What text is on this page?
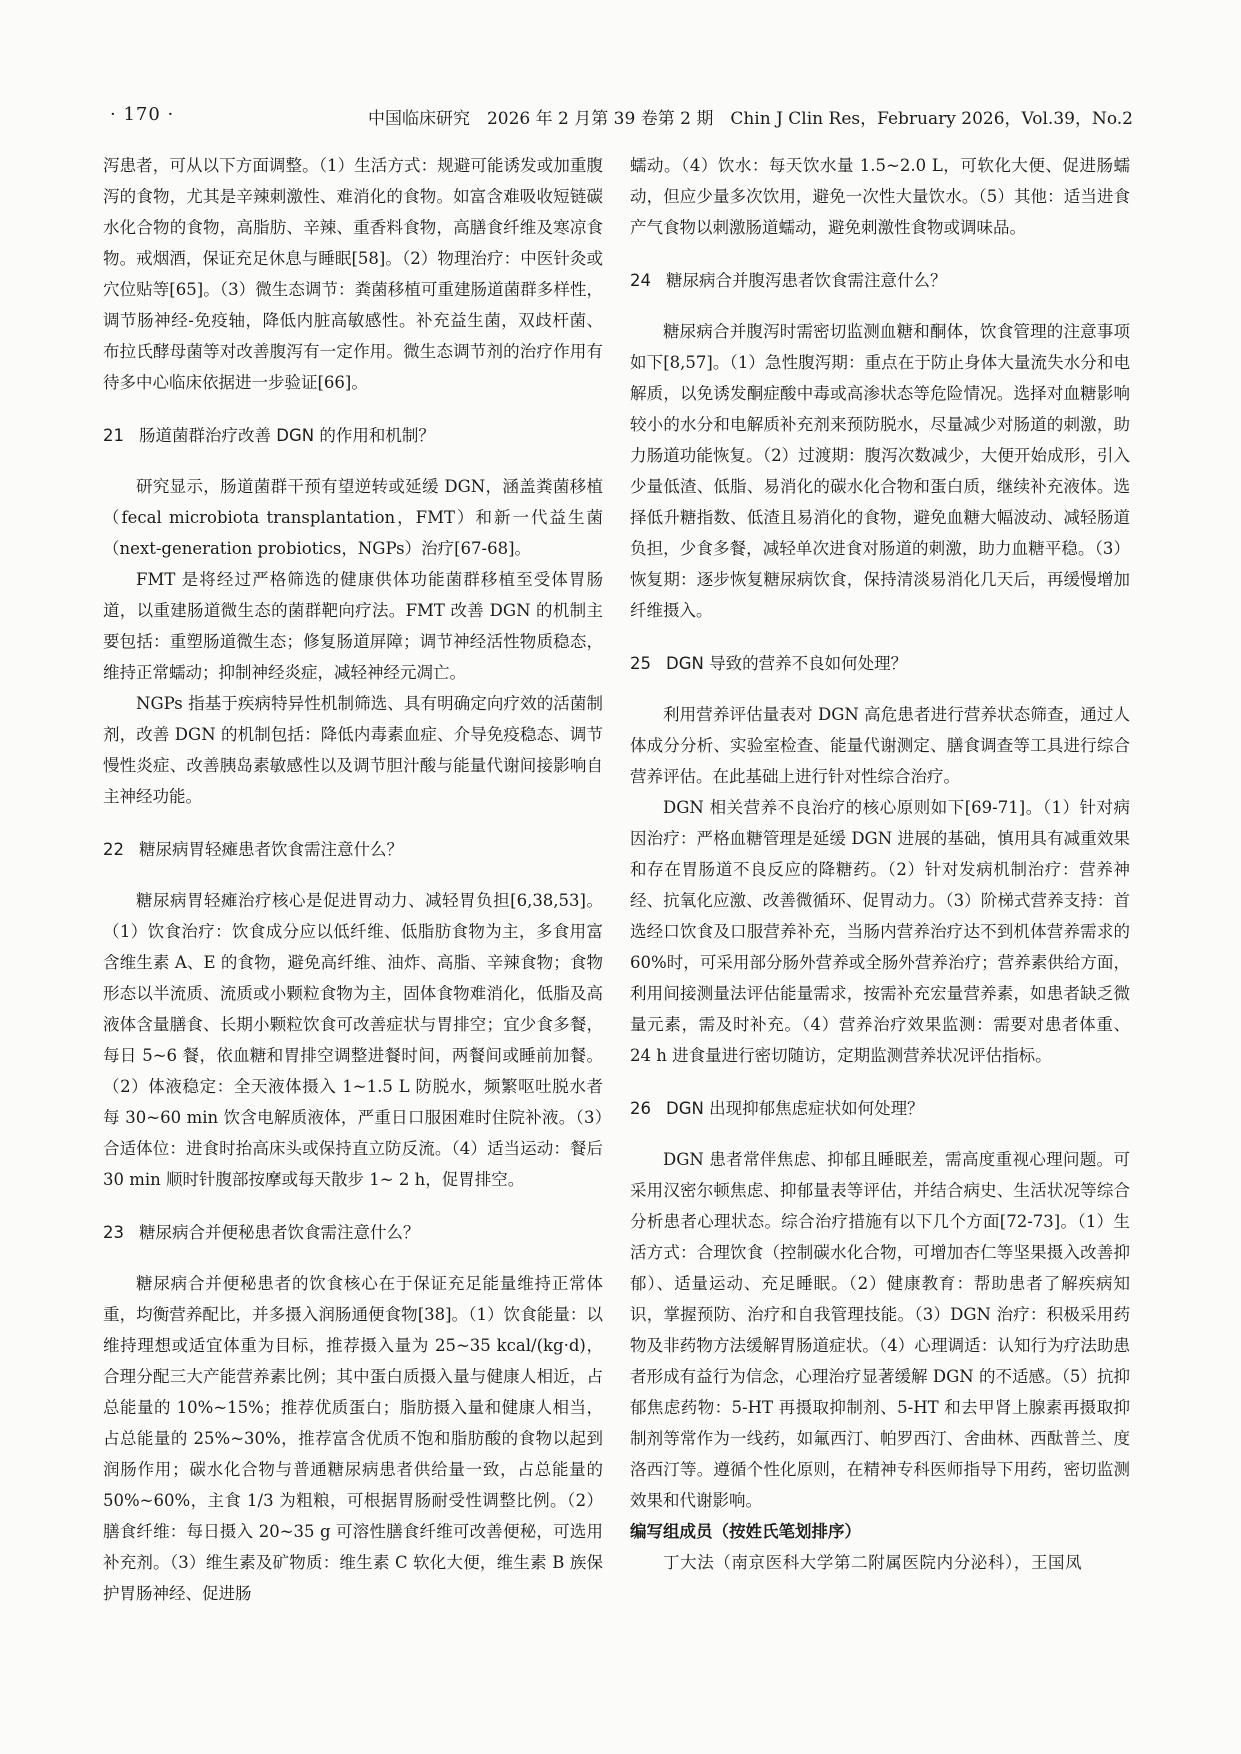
· 170 ·	中国临床研究　2026 年 2 月第 39 卷第 2 期　Chin J Clin Res，February 2026，Vol.39，No.2

泻患者，可从以下方面调整。（1）生活方式：规避可能诱发或加重腹泻的食物，尤其是辛辣刺激性、难消化的食物。如富含难吸收短链碳水化合物的食物，高脂肪、辛辣、重香料食物，高膳食纤维及寒凉食物。戒烟酒，保证充足休息与睡眠[58]。（2）物理治疗：中医针灸或穴位贴等[65]。（3）微生态调节：粪菌移植可重建肠道菌群多样性，调节肠神经-免疫轴，降低内脏高敏感性。补充益生菌，双歧杆菌、布拉氏酵母菌等对改善腹泻有一定作用。微生态调节剂的治疗作用有待多中心临床依据进一步验证[66]。

21 肠道菌群治疗改善 DGN 的作用和机制？

研究显示，肠道菌群干预有望逆转或延缓 DGN，涵盖粪菌移植（fecal microbiota transplantation，FMT）和新一代益生菌（next-generation probiotics，NGPs）治疗[67-68]。

FMT 是将经过严格筛选的健康供体功能菌群移植至受体胃肠道，以重建肠道微生态的菌群靶向疗法。FMT 改善 DGN 的机制主要包括：重塑肠道微生态；修复肠道屏障；调节神经活性物质稳态，维持正常蠕动；抑制神经炎症，减轻神经元凋亡。

NGPs 指基于疾病特异性机制筛选、具有明确定向疗效的活菌制剂，改善 DGN 的机制包括：降低内毒素血症、介导免疫稳态、调节慢性炎症、改善胰岛素敏感性以及调节胆汁酸与能量代谢间接影响自主神经功能。

22 糖尿病胃轻瘫患者饮食需注意什么？

糖尿病胃轻瘫治疗核心是促进胃动力、减轻胃负担[6,38,53]。（1）饮食治疗：饮食成分应以低纤维、低脂肪食物为主，多食用富含维生素 A、E 的食物，避免高纤维、油炸、高脂、辛辣食物；食物形态以半流质、流质或小颗粒食物为主，固体食物难消化，低脂及高液体含量膳食、长期小颗粒饮食可改善症状与胃排空；宜少食多餐，每日 5~6 餐，依血糖和胃排空调整进餐时间，两餐间或睡前加餐。（2）体液稳定：全天液体摄入 1~1.5 L 防脱水，频繁呕吐脱水者每 30~60 min 饮含电解质液体，严重日口服困难时住院补液。（3）合适体位：进食时抬高床头或保持直立防反流。（4）适当运动：餐后 30 min 顺时针腹部按摩或每天散步 1~ 2 h，促胃排空。

23 糖尿病合并便秘患者饮食需注意什么？

糖尿病合并便秘患者的饮食核心在于保证充足能量维持正常体重，均衡营养配比，并多摄入润肠通便食物[38]。（1）饮食能量：以维持理想或适宜体重为目标，推荐摄入量为 25~35 kcal/(kg·d)，合理分配三大产能营养素比例；其中蛋白质摄入量与健康人相近，占总能量的 10%~15%；推荐优质蛋白；脂肪摄入量和健康人相当，占总能量的 25%~30%，推荐富含优质不饱和脂肪酸的食物以起到润肠作用；碳水化合物与普通糖尿病患者供给量一致，占总能量的 50%~60%，主食 1/3 为粗粮，可根据胃肠耐受性调整比例。（2）膳食纤维：每日摄入 20~35 g 可溶性膳食纤维可改善便秘，可选用补充剂。（3）维生素及矿物质：维生素 C 软化大便，维生素 B 族保护胃肠神经、促进肠

蠕动。（4）饮水：每天饮水量 1.5~2.0 L，可软化大便、促进肠蠕动，但应少量多次饮用，避免一次性大量饮水。（5）其他：适当进食产气食物以刺激肠道蠕动，避免刺激性食物或调味品。

24 糖尿病合并腹泻患者饮食需注意什么？

糖尿病合并腹泻时需密切监测血糖和酮体，饮食管理的注意事项如下[8,57]。（1）急性腹泻期：重点在于防止身体大量流失水分和电解质，以免诱发酮症酸中毒或高渗状态等危险情况。选择对血糖影响较小的水分和电解质补充剂来预防脱水，尽量减少对肠道的刺激，助力肠道功能恢复。（2）过渡期：腹泻次数减少，大便开始成形，引入少量低渣、低脂、易消化的碳水化合物和蛋白质，继续补充液体。选择低升糖指数、低渣且易消化的食物，避免血糖大幅波动、减轻肠道负担，少食多餐，减轻单次进食对肠道的刺激，助力血糖平稳。（3）恢复期：逐步恢复糖尿病饮食，保持清淡易消化几天后，再缓慢增加纤维摄入。

25 DGN 导致的营养不良如何处理？

利用营养评估量表对 DGN 高危患者进行营养状态筛查，通过人体成分分析、实验室检查、能量代谢测定、膳食调查等工具进行综合营养评估。在此基础上进行针对性综合治疗。

DGN 相关营养不良治疗的核心原则如下[69-71]。（1）针对病因治疗：严格血糖管理是延缓 DGN 进展的基础，慎用具有减重效果和存在胃肠道不良反应的降糖药。（2）针对发病机制治疗：营养神经、抗氧化应激、改善微循环、促胃动力。（3）阶梯式营养支持：首选经口饮食及口服营养补充，当肠内营养治疗达不到机体营养需求的 60%时，可采用部分肠外营养或全肠外营养治疗；营养素供给方面，利用间接测量法评估能量需求，按需补充宏量营养素，如患者缺乏微量元素，需及时补充。（4）营养治疗效果监测：需要对患者体重、24 h 进食量进行密切随访，定期监测营养状况评估指标。

26 DGN 出现抑郁焦虑症状如何处理？

DGN 患者常伴焦虑、抑郁且睡眠差，需高度重视心理问题。可采用汉密尔顿焦虑、抑郁量表等评估，并结合病史、生活状况等综合分析患者心理状态。综合治疗措施有以下几个方面[72-73]。（1）生活方式：合理饮食（控制碳水化合物，可增加杏仁等坚果摄入改善抑郁）、适量运动、充足睡眠。（2）健康教育：帮助患者了解疾病知识，掌握预防、治疗和自我管理技能。（3）DGN 治疗：积极采用药物及非药物方法缓解胃肠道症状。（4）心理调适：认知行为疗法助患者形成有益行为信念，心理治疗显著缓解 DGN 的不适感。（5）抗抑郁焦虑药物：5-HT 再摄取抑制剂、5-HT 和去甲肾上腺素再摄取抑制剂等常作为一线药，如氟西汀、帕罗西汀、舍曲林、西酞普兰、度洛西汀等。遵循个性化原则，在精神专科医师指导下用药，密切监测效果和代谢影响。

编写组成员（按姓氏笔划排序）

丁大法（南京医科大学第二附属医院内分泌科），王国凤
